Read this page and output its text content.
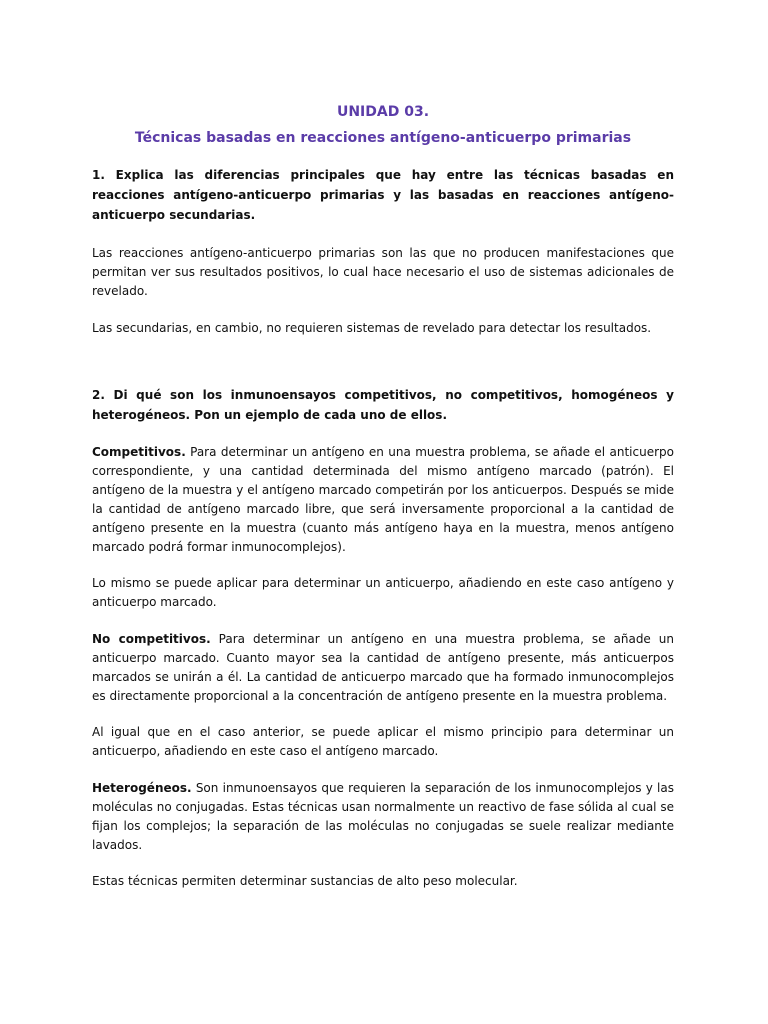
UNIDAD 03.
Técnicas basadas en reacciones antígeno-anticuerpo primarias

1. Explica las diferencias principales que hay entre las técnicas basadas en reacciones antígeno-anticuerpo primarias y las basadas en reacciones antígeno-anticuerpo secundarias.

Las reacciones antígeno-anticuerpo primarias son las que no producen manifestaciones que permitan ver sus resultados positivos, lo cual hace necesario el uso de sistemas adicionales de revelado.

Las secundarias, en cambio, no requieren sistemas de revelado para detectar los resultados.

2. Di qué son los inmunoensayos competitivos, no competitivos, homogéneos y heterogéneos. Pon un ejemplo de cada uno de ellos.

Competitivos. Para determinar un antígeno en una muestra problema, se añade el anticuerpo correspondiente, y una cantidad determinada del mismo antígeno marcado (patrón). El antígeno de la muestra y el antígeno marcado competirán por los anticuerpos. Después se mide la cantidad de antígeno marcado libre, que será inversamente proporcional a la cantidad de antígeno presente en la muestra (cuanto más antígeno haya en la muestra, menos antígeno marcado podrá formar inmunocomplejos).

Lo mismo se puede aplicar para determinar un anticuerpo, añadiendo en este caso antígeno y anticuerpo marcado.

No competitivos. Para determinar un antígeno en una muestra problema, se añade un anticuerpo marcado. Cuanto mayor sea la cantidad de antígeno presente, más anticuerpos marcados se unirán a él. La cantidad de anticuerpo marcado que ha formado inmunocomplejos es directamente proporcional a la concentración de antígeno presente en la muestra problema.

Al igual que en el caso anterior, se puede aplicar el mismo principio para determinar un anticuerpo, añadiendo en este caso el antígeno marcado.

Heterogéneos. Son inmunoensayos que requieren la separación de los inmunocomplejos y las moléculas no conjugadas. Estas técnicas usan normalmente un reactivo de fase sólida al cual se fijan los complejos; la separación de las moléculas no conjugadas se suele realizar mediante lavados.

Estas técnicas permiten determinar sustancias de alto peso molecular.
